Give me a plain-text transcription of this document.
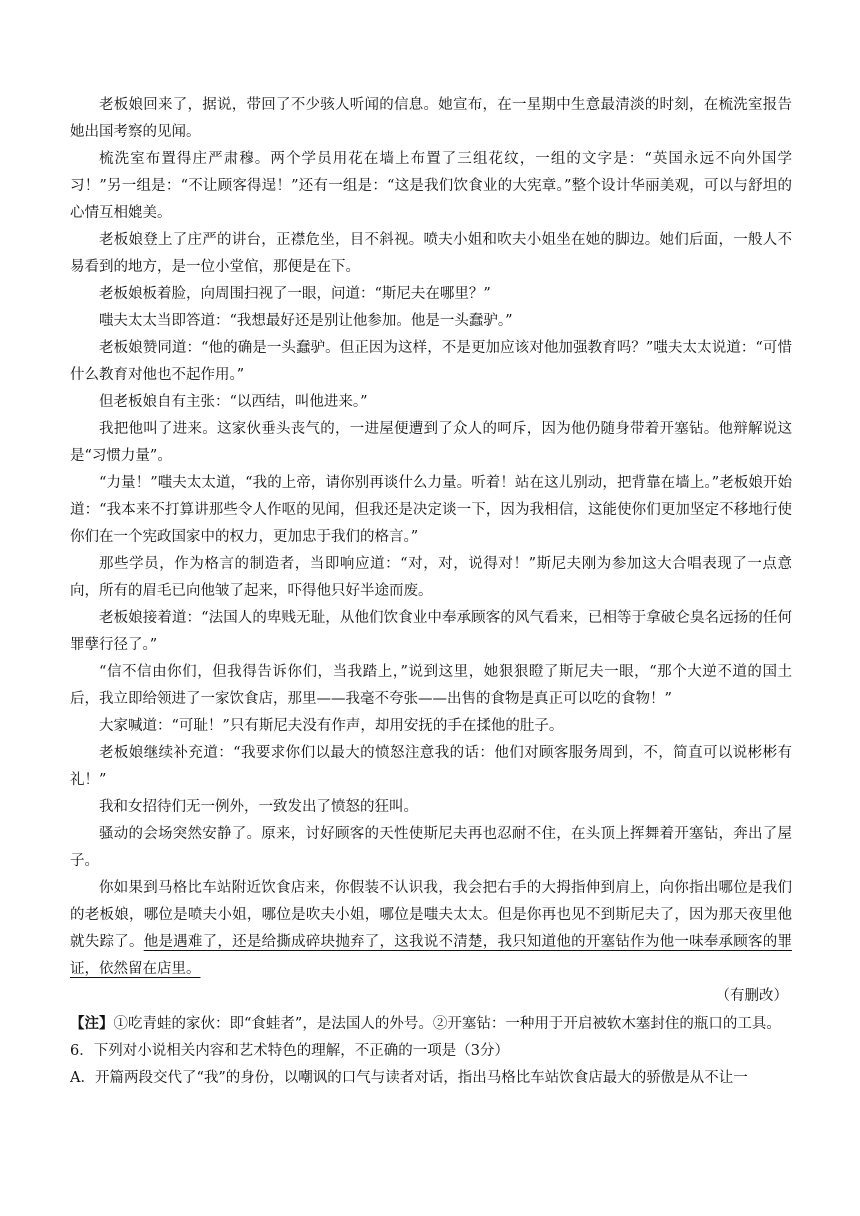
老板娘回来了，据说，带回了不少骇人听闻的信息。她宣布，在一星期中生意最清淡的时刻，在梳洗室报告她出国考察的见闻。

梳洗室布置得庄严肃穆。两个学员用花在墙上布置了三组花纹，一组的文字是：“英国永远不向外国学习！”另一组是：“不让顾客得逞！”还有一组是：“这是我们饮食业的大宪章。”整个设计华丽美观，可以与舒坦的心情互相媲美。

老板娘登上了庄严的讲台，正襟危坐，目不斜视。喷夫小姐和吹夫小姐坐在她的脚边。她们后面，一般人不易看到的地方，是一位小堂倌，那便是在下。

老板娘板着脸，向周围扫视了一眼，问道：“斯尼夫在哪里？”

嗤夫太太当即答道：“我想最好还是别让他参加。他是一头蠢驴。”

老板娘赞同道：“他的确是一头蠢驴。但正因为这样，不是更加应该对他加强教育吗？”嗤夫太太说道：“可惜什么教育对他也不起作用。”

但老板娘自有主张：“以西结，叫他进来。”

我把他叫了进来。这家伙垂头丧气的，一进屋便遭到了众人的呵斥，因为他仍随身带着开塞钻。他辩解说这是“习惯力量”。

“力量！”嗤夫太太道，“我的上帝，请你别再谈什么力量。听着！站在这儿别动，把背靠在墙上。”老板娘开始道：“我本来不打算讲那些令人作呕的见闻，但我还是决定谈一下，因为我相信，这能使你们更加坚定不移地行使你们在一个宪政国家中的权力，更加忠于我们的格言。”

那些学员，作为格言的制造者，当即响应道：“对，对，说得对！”斯尼夫刚为参加这大合唱表现了一点意向，所有的眉毛已向他皱了起来，吓得他只好半途而废。

老板娘接着道：“法国人的卑贱无耻，从他们饮食业中奉承顾客的风气看来，已相等于拿破仑臭名远扬的任何罪孽行径了。”

“信不信由你们，但我得告诉你们，当我踏上，”说到这里，她狠狠瞪了斯尼夫一眼，“那个大逆不道的国土后，我立即给领进了一家饮食店，那里——我毫不夸张——出售的食物是真正可以吃的食物！”

大家喊道：“可耻！”只有斯尼夫没有作声，却用安抚的手在揉他的肚子。

老板娘继续补充道：“我要求你们以最大的愤怒注意我的话：他们对顾客服务周到，不，简直可以说彬彬有礼！”

我和女招待们无一例外，一致发出了愤怒的狂叫。

骚动的会场突然安静了。原来，讨好顾客的天性使斯尼夫再也忍耐不住，在头顶上挥舞着开塞钻，奔出了屋子。

你如果到马格比车站附近饮食店来，你假装不认识我，我会把右手的大拇指伸到肩上，向你指出哪位是我们的老板娘，哪位是喷夫小姐，哪位是吹夫小姐，哪位是嗤夫太太。但是你再也见不到斯尼夫了，因为那天夜里他就失踪了。他是遇难了，还是给撕成碎块抛弃了，这我说不清楚，我只知道他的开塞钻作为他一味奉承顾客的罪证，依然留在店里。

（有删改）

【注】①吃青蛙的家伙：即“食蛙者”，是法国人的外号。②开塞钻：一种用于开启被软木塞封住的瓶口的工具。

6．下列对小说相关内容和艺术特色的理解，不正确的一项是（3分）

A．开篇两段交代了“我”的身份，以嘲讽的口气与读者对话，指出马格比车站饮食店最大的骄傲是从不让一
